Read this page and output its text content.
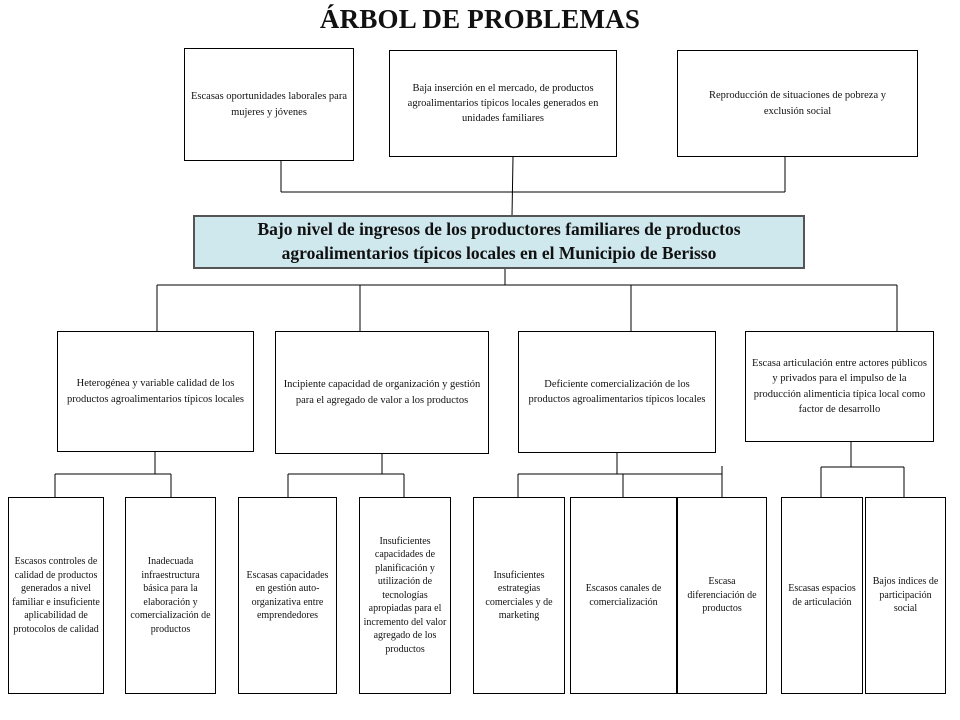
ÁRBOL DE PROBLEMAS
Escasas oportunidades laborales para mujeres y jóvenes
Baja inserción en el mercado, de productos agroalimentarios típicos locales generados en unidades familiares
Reproducción de situaciones de pobreza y exclusión social
Bajo nivel de ingresos de los productores familiares de productos agroalimentarios típicos locales en el Municipio de Berisso
Heterogénea y variable calidad de los productos agroalimentarios típicos locales
Incipiente capacidad de organización y gestión para el agregado de valor a los productos
Deficiente comercialización de los productos agroalimentarios típicos locales
Escasa articulación entre actores públicos y privados para el impulso de la producción alimenticia típica local como factor de desarrollo
Escasos controles de calidad de productos generados a nivel familiar e insuficiente aplicabilidad de protocolos de calidad
Inadecuada infraestructura básica para la elaboración y comercialización de productos
Escasas capacidades en gestión auto-organizativa entre emprendedores
Insuficientes capacidades de planificación y utilización de tecnologías apropiadas para el incremento del valor agregado de los productos
Insuficientes estrategias comerciales y de marketing
Escasos canales de comercialización
Escasa diferenciación de productos
Escasas espacios de articulación
Bajos índices de participación social
